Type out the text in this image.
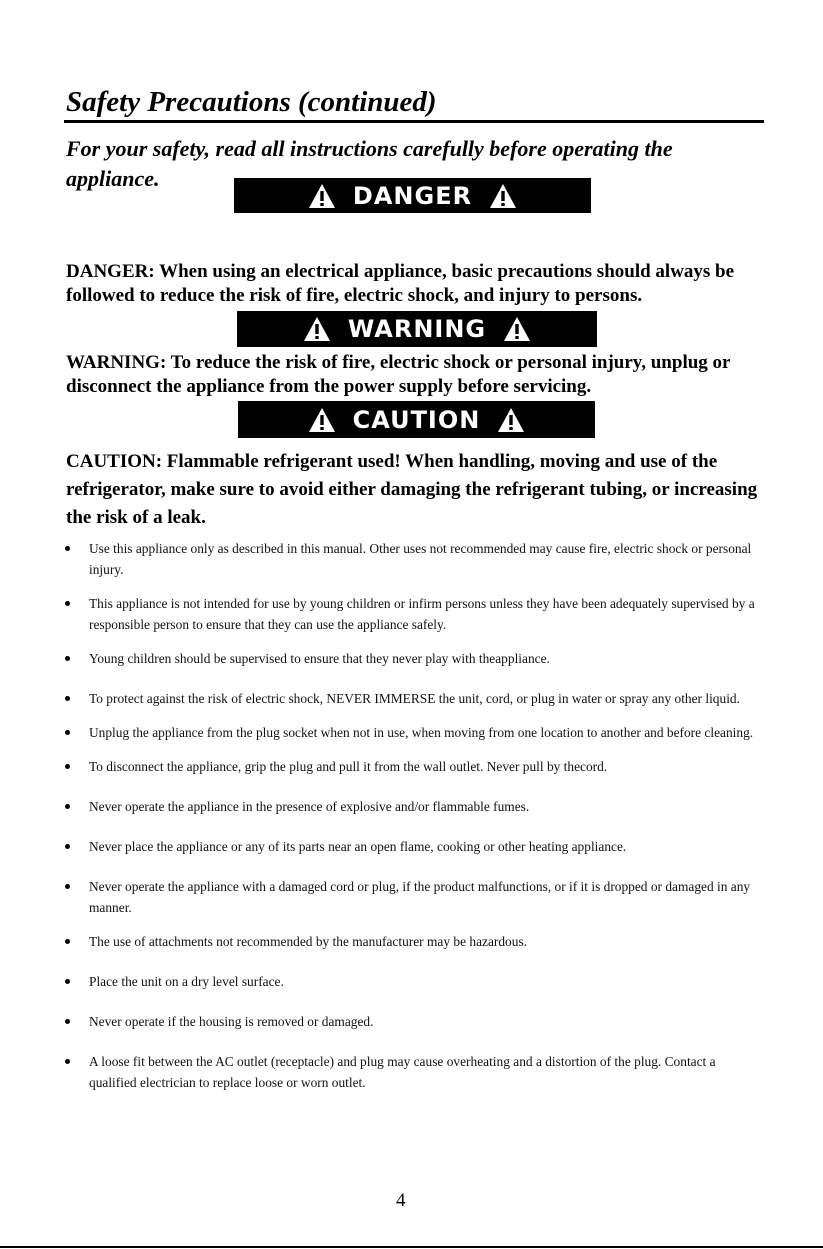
Safety Precautions (continued)

For your safety, read all instructions carefully before operating the appliance.

DANGER

DANGER: When using an electrical appliance, basic precautions should always be followed to reduce the risk of fire, electric shock, and injury to persons.

WARNING

WARNING: To reduce the risk of fire, electric shock or personal injury, unplug or disconnect the appliance from the power supply before servicing.

CAUTION

CAUTION: Flammable refrigerant used! When handling, moving and use of the refrigerator, make sure to avoid either damaging the refrigerant tubing, or increasing the risk of a leak.

Use this appliance only as described in this manual. Other uses not recommended may cause fire, electric shock or personal injury.
This appliance is not intended for use by young children or infirm persons unless they have been adequately supervised by a responsible person to ensure that they can use the appliance safely.
Young children should be supervised to ensure that they never play with theappliance.
To protect against the risk of electric shock, NEVER IMMERSE the unit, cord, or plug in water or spray any other liquid.
Unplug the appliance from the plug socket when not in use, when moving from one location to another and before cleaning.
To disconnect the appliance, grip the plug and pull it from the wall outlet. Never pull by thecord.
Never operate the appliance in the presence of explosive and/or flammable fumes.
Never place the appliance or any of its parts near an open flame, cooking or other heating appliance.
Never operate the appliance with a damaged cord or plug, if the product malfunctions, or if it is dropped or damaged in any manner.
The use of attachments not recommended by the manufacturer may be hazardous.
Place the unit on a dry level surface.
Never operate if the housing is removed or damaged.
A loose fit between the AC outlet (receptacle) and plug may cause overheating and a distortion of the plug. Contact a qualified electrician to replace loose or worn outlet.
4
